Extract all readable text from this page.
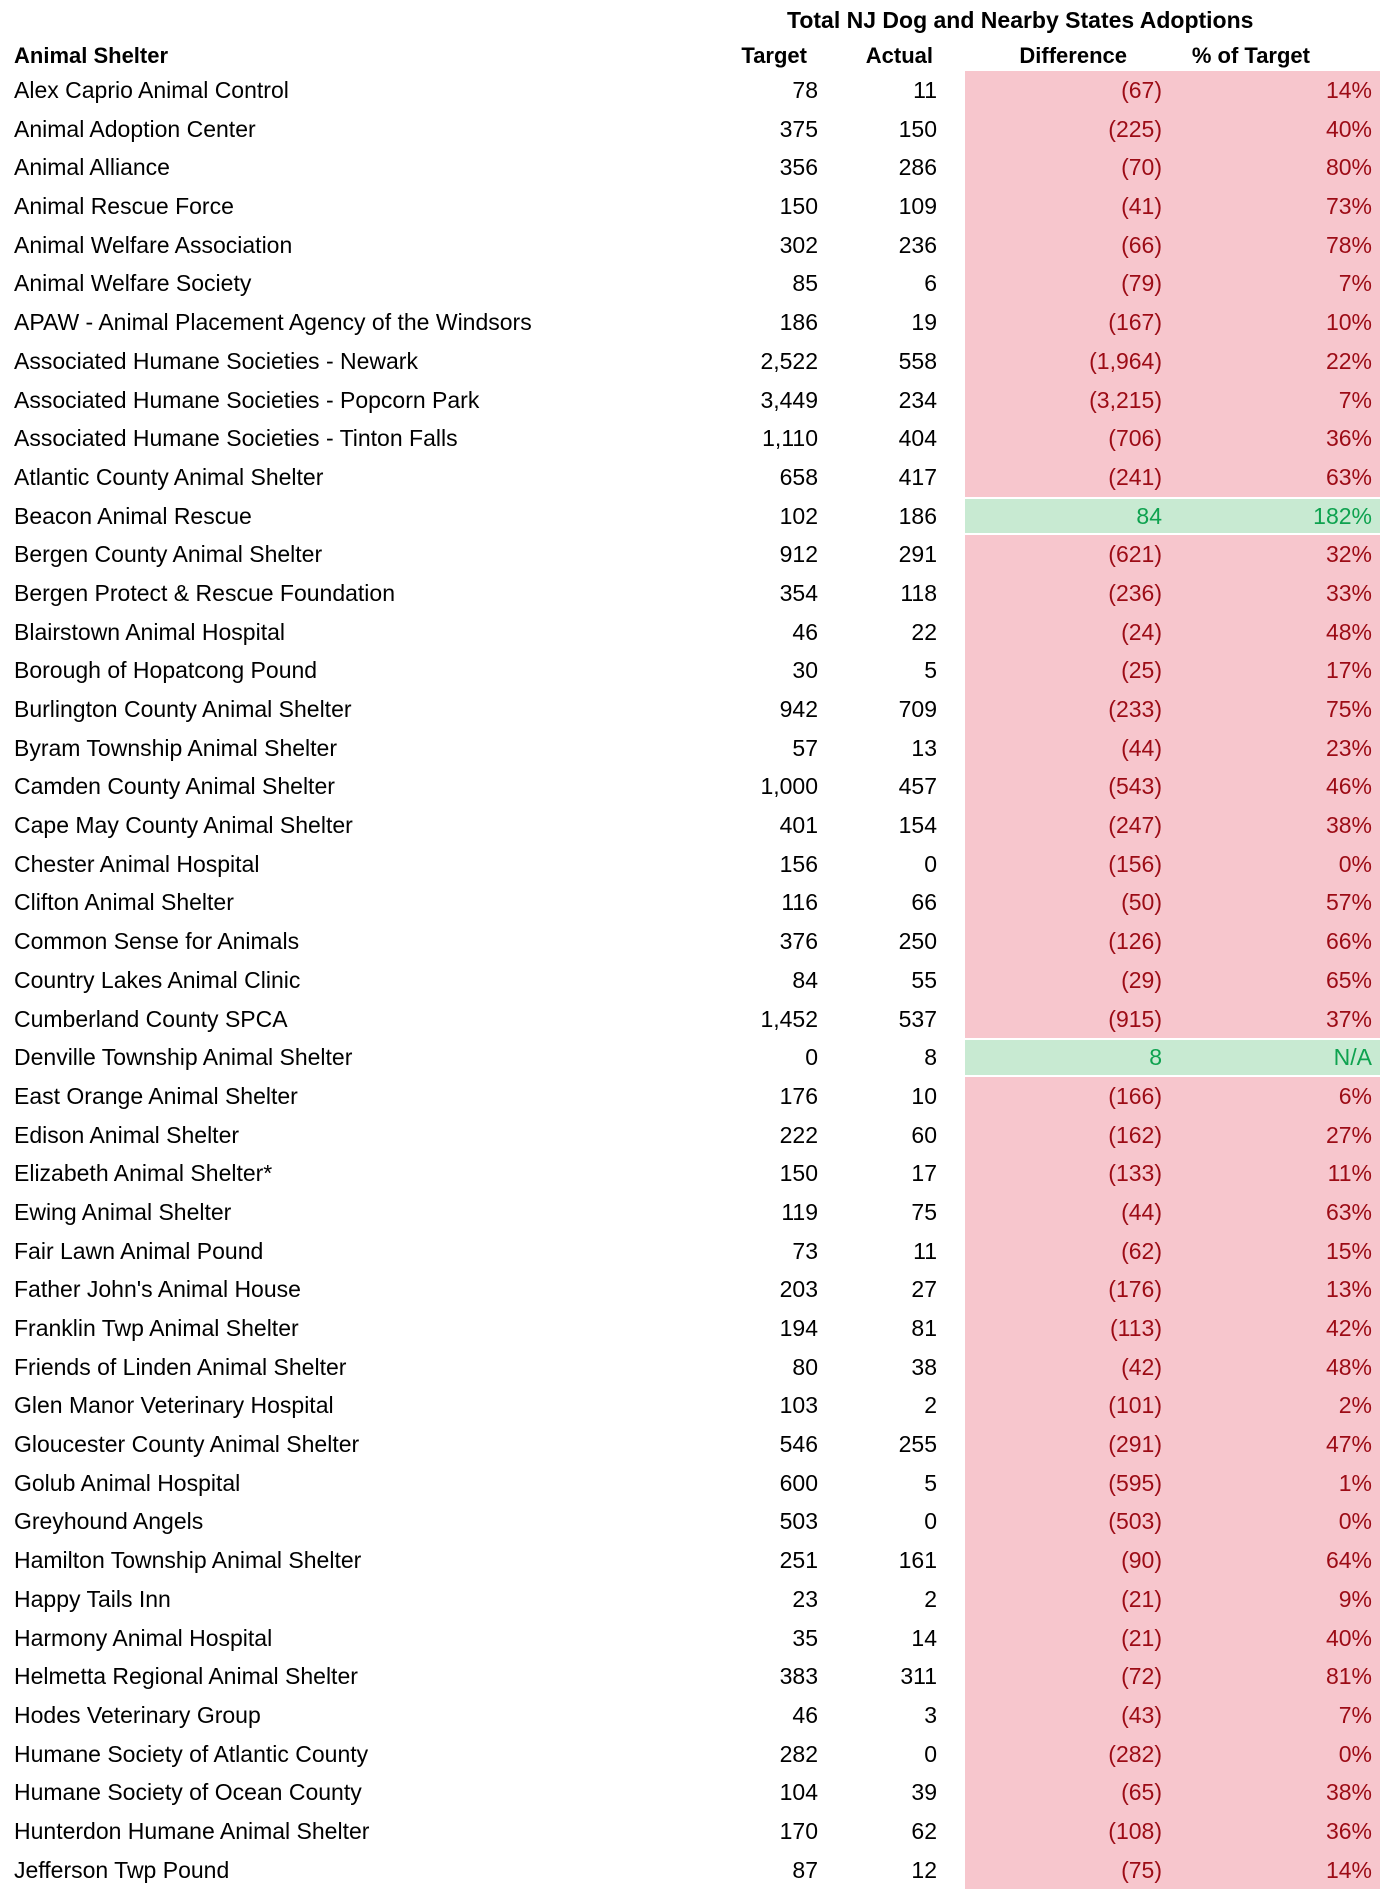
Total NJ Dog and Nearby States Adoptions
Animal Shelter	Target	Actual	Difference	% of Target
Alex Caprio Animal Control	78	11	(67)	14%
Animal Adoption Center	375	150	(225)	40%
Animal Alliance	356	286	(70)	80%
Animal Rescue Force	150	109	(41)	73%
Animal Welfare Association	302	236	(66)	78%
Animal Welfare Society	85	6	(79)	7%
APAW - Animal Placement Agency of the Windsors	186	19	(167)	10%
Associated Humane Societies - Newark	2,522	558	(1,964)	22%
Associated Humane Societies - Popcorn Park	3,449	234	(3,215)	7%
Associated Humane Societies - Tinton Falls	1,110	404	(706)	36%
Atlantic County Animal Shelter	658	417	(241)	63%
Beacon Animal Rescue	102	186	84	182%
Bergen County Animal Shelter	912	291	(621)	32%
Bergen Protect & Rescue Foundation	354	118	(236)	33%
Blairstown Animal Hospital	46	22	(24)	48%
Borough of Hopatcong Pound	30	5	(25)	17%
Burlington County Animal Shelter	942	709	(233)	75%
Byram Township Animal Shelter	57	13	(44)	23%
Camden County Animal Shelter	1,000	457	(543)	46%
Cape May County Animal Shelter	401	154	(247)	38%
Chester Animal Hospital	156	0	(156)	0%
Clifton Animal Shelter	116	66	(50)	57%
Common Sense for Animals	376	250	(126)	66%
Country Lakes Animal Clinic	84	55	(29)	65%
Cumberland County SPCA	1,452	537	(915)	37%
Denville Township Animal Shelter	0	8	8	N/A
East Orange Animal Shelter	176	10	(166)	6%
Edison Animal Shelter	222	60	(162)	27%
Elizabeth Animal Shelter*	150	17	(133)	11%
Ewing Animal Shelter	119	75	(44)	63%
Fair Lawn Animal Pound	73	11	(62)	15%
Father John's Animal House	203	27	(176)	13%
Franklin Twp Animal Shelter	194	81	(113)	42%
Friends of Linden Animal Shelter	80	38	(42)	48%
Glen Manor Veterinary Hospital	103	2	(101)	2%
Gloucester County Animal Shelter	546	255	(291)	47%
Golub Animal Hospital	600	5	(595)	1%
Greyhound Angels	503	0	(503)	0%
Hamilton Township Animal Shelter	251	161	(90)	64%
Happy Tails Inn	23	2	(21)	9%
Harmony Animal Hospital	35	14	(21)	40%
Helmetta Regional Animal Shelter	383	311	(72)	81%
Hodes Veterinary Group	46	3	(43)	7%
Humane Society of Atlantic County	282	0	(282)	0%
Humane Society of Ocean County	104	39	(65)	38%
Hunterdon Humane Animal Shelter	170	62	(108)	36%
Jefferson Twp Pound	87	12	(75)	14%
